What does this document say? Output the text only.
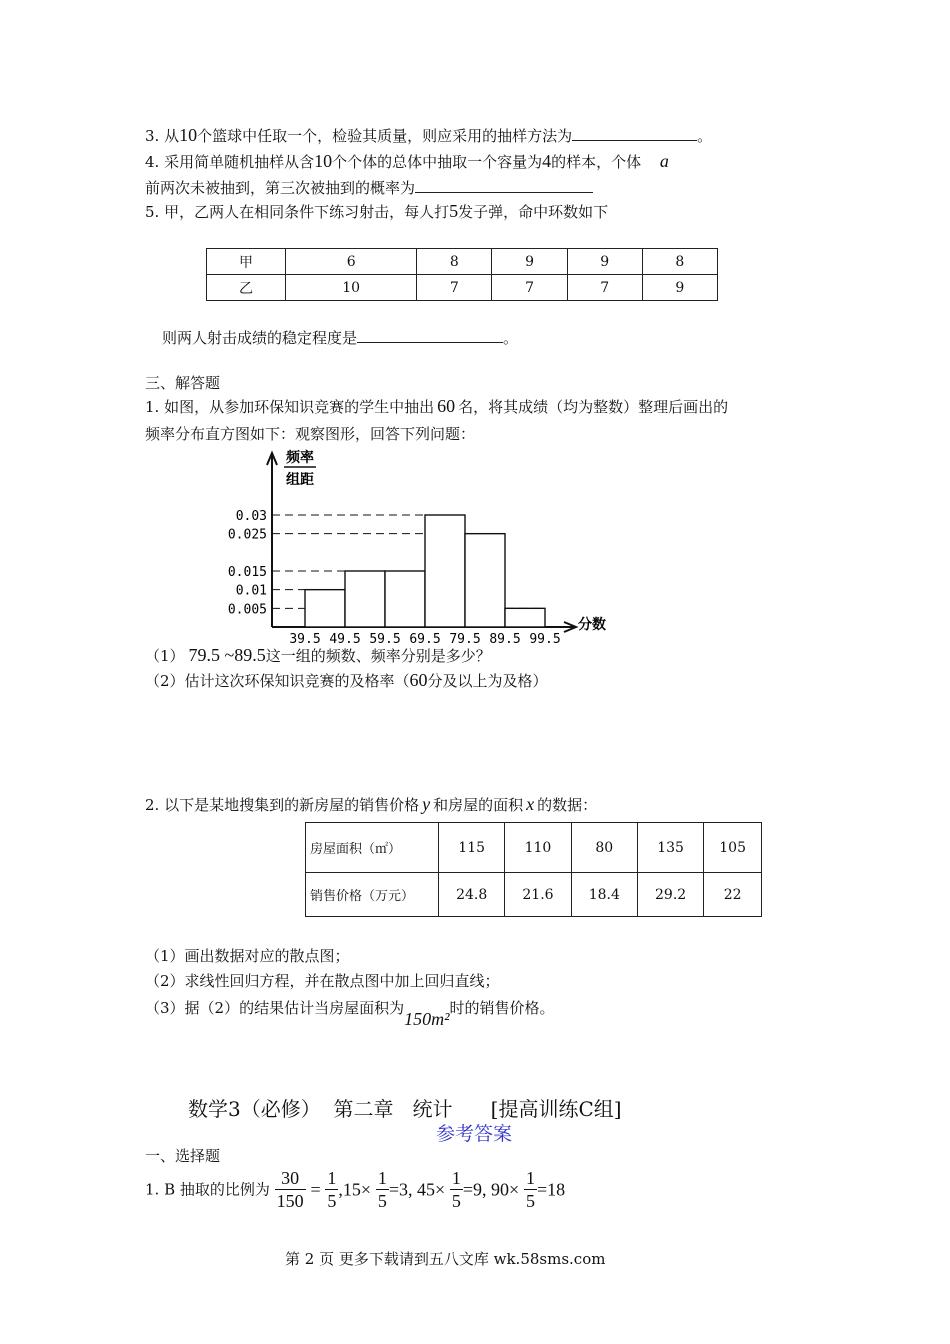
3. 从10个篮球中任取一个，检验其质量，则应采用的抽样方法为	。
4. 采用简单随机抽样从含10个个体的总体中抽取一个容量为4的样本，个体 a
前两次未被抽到，第三次被抽到的概率为
5. 甲，乙两人在相同条件下练习射击，每人打5发子弹，命中环数如下
甲	6	8	9	9	8
乙	10	7	7	7	9
则两人射击成绩的稳定程度是	。
三、解答题
1. 如图，从参加环保知识竞赛的学生中抽出 60 名，将其成绩（均为整数）整理后画出的
频率分布直方图如下：观察图形，回答下列问题：
频率
组距
0.03
0.025
0.015
0.01
0.005
39.5 49.5 59.5 69.5 79.5 89.5 99.5
分数
（1） 79.5 ~89.5这一组的频数、频率分别是多少？
（2）估计这次环保知识竞赛的及格率（60分及以上为及格）
2. 以下是某地搜集到的新房屋的销售价格 y 和房屋的面积 x 的数据：
房屋面积（㎡）	115	110	80	135	105
销售价格（万元）	24.8	21.6	18.4	29.2	22
（1）画出数据对应的散点图；
（2）求线性回归方程，并在散点图中加上回归直线；
（3）据（2）的结果估计当房屋面积为150m²时的销售价格。
数学3（必修）  第二章   统计      [提高训练C组]
参考答案
一、选择题
1. B 抽取的比例为 $\frac{30}{150} = \frac{1}{5} ,15\times \frac{1}{5} =3$, $45\times \frac{1}{5} =9$, $90\times \frac{1}{5} =18$
第 2 页 更多下载请到五八文库 wk.58sms.com
